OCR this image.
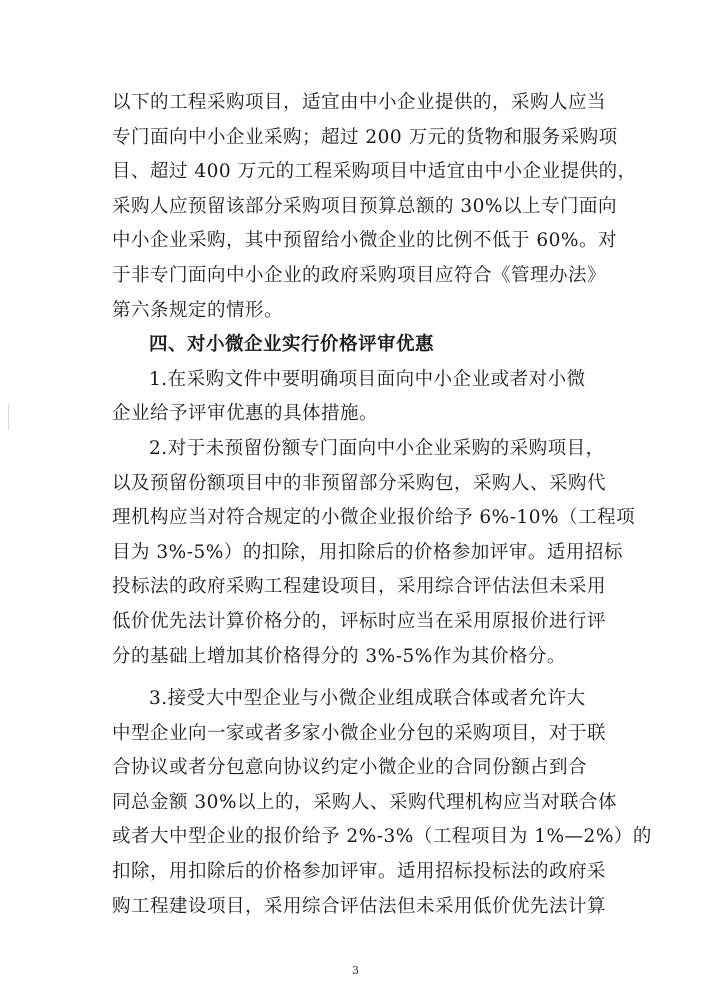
以下的工程采购项目，适宜由中小企业提供的，采购人应当
专门面向中小企业采购；超过 200 万元的货物和服务采购项
目、超过 400 万元的工程采购项目中适宜由中小企业提供的，
采购人应预留该部分采购项目预算总额的 30%以上专门面向
中小企业采购，其中预留给小微企业的比例不低于 60%。对
于非专门面向中小企业的政府采购项目应符合《管理办法》
第六条规定的情形。
四、对小微企业实行价格评审优惠
1.在采购文件中要明确项目面向中小企业或者对小微
企业给予评审优惠的具体措施。
2.对于未预留份额专门面向中小企业采购的采购项目，
以及预留份额项目中的非预留部分采购包，采购人、采购代
理机构应当对符合规定的小微企业报价给予 6%-10%（工程项
目为 3%-5%）的扣除，用扣除后的价格参加评审。适用招标
投标法的政府采购工程建设项目，采用综合评估法但未采用
低价优先法计算价格分的，评标时应当在采用原报价进行评
分的基础上增加其价格得分的 3%-5%作为其价格分。
3.接受大中型企业与小微企业组成联合体或者允许大
中型企业向一家或者多家小微企业分包的采购项目，对于联
合协议或者分包意向协议约定小微企业的合同份额占到合
同总金额 30%以上的，采购人、采购代理机构应当对联合体
或者大中型企业的报价给予 2%-3%（工程项目为 1%—2%）的
扣除，用扣除后的价格参加评审。适用招标投标法的政府采
购工程建设项目，采用综合评估法但未采用低价优先法计算
3
